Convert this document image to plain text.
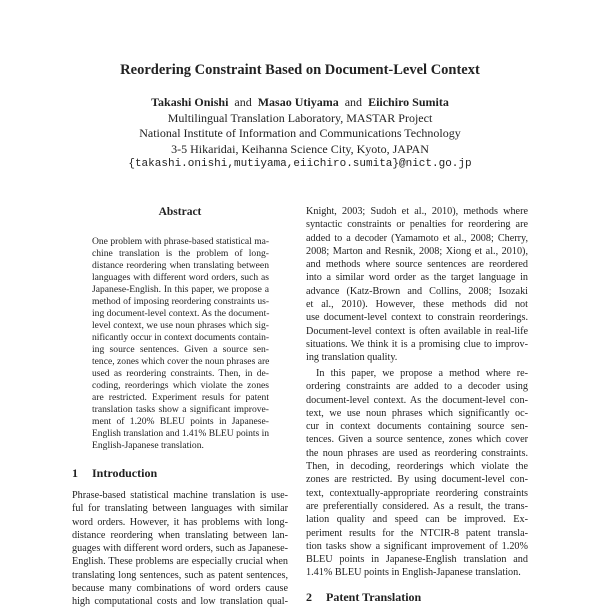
Reordering Constraint Based on Document-Level Context
Takashi Onishi and Masao Utiyama and Eiichiro Sumita
Multilingual Translation Laboratory, MASTAR Project
National Institute of Information and Communications Technology
3-5 Hikaridai, Keihanna Science City, Kyoto, JAPAN
{takashi.onishi,mutiyama,eiichiro.sumita}@nict.go.jp
Abstract
One problem with phrase-based statistical ma-
chine translation is the problem of long-
distance reordering when translating between
languages with different word orders, such as
Japanese-English. In this paper, we propose a
method of imposing reordering constraints us-
ing document-level context. As the document-
level context, we use noun phrases which sig-
nificantly occur in context documents contain-
ing source sentences. Given a source sen-
tence, zones which cover the noun phrases are
used as reordering constraints. Then, in de-
coding, reorderings which violate the zones
are restricted. Experiment resuls for patent
translation tasks show a significant improve-
ment of 1.20% BLEU points in Japanese-
English translation and 1.41% BLEU points in
English-Japanese translation.
1 Introduction
Phrase-based statistical machine translation is use-
ful for translating between languages with similar
word orders. However, it has problems with long-
distance reordering when translating between lan-
guages with different word orders, such as Japanese-
English. These problems are especially crucial when
translating long sentences, such as patent sentences,
because many combinations of word orders cause
high computational costs and low translation qual-
Knight, 2003; Sudoh et al., 2010), methods where
syntactic constraints or penalties for reordering are
added to a decoder (Yamamoto et al., 2008; Cherry,
2008; Marton and Resnik, 2008; Xiong et al., 2010),
and methods where source sentences are reordered
into a similar word order as the target language in
advance (Katz-Brown and Collins, 2008; Isozaki
et al., 2010). However, these methods did not
use document-level context to constrain reorderings.
Document-level context is often available in real-life
situations. We think it is a promising clue to improv-
ing translation quality.
In this paper, we propose a method where re-
ordering constraints are added to a decoder using
document-level context. As the document-level con-
text, we use noun phrases which significantly oc-
cur in context documents containing source sen-
tences. Given a source sentence, zones which cover
the noun phrases are used as reordering constraints.
Then, in decoding, reorderings which violate the
zones are restricted. By using document-level con-
text, contextually-appropriate reordering constraints
are preferentially considered. As a result, the trans-
lation quality and speed can be improved. Ex-
periment results for the NTCIR-8 patent transla-
tion tasks show a significant improvement of 1.20%
BLEU points in Japanese-English translation and
1.41% BLEU points in English-Japanese translation.
2 Patent Translation
